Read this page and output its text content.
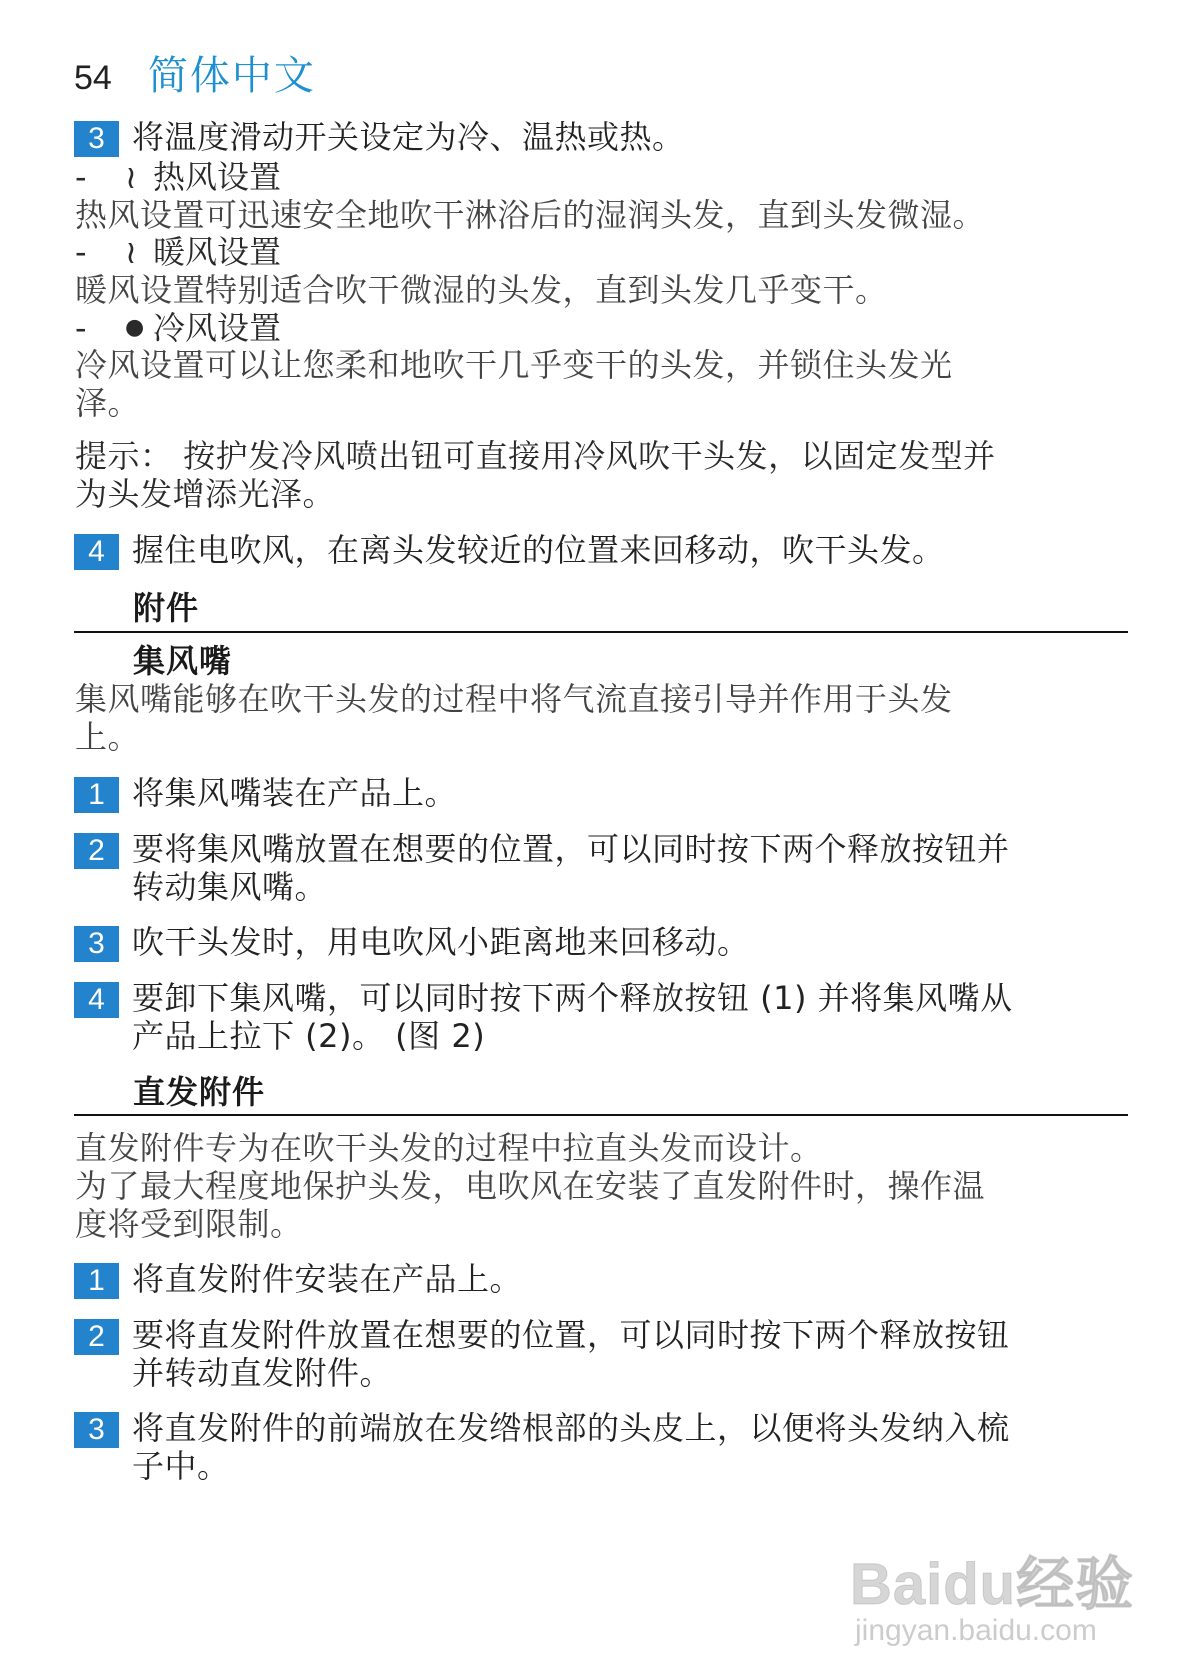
54 简体中文
3 将温度滑动开关设定为冷、温热或热。
- ≀ 热风设置
热风设置可迅速安全地吹干淋浴后的湿润头发，直到头发微湿。
- ≀ 暖风设置
暖风设置特别适合吹干微湿的头发，直到头发几乎变干。
- ● 冷风设置
冷风设置可以让您柔和地吹干几乎变干的头发，并锁住头发光
泽。
提示： 按护发冷风喷出钮可直接用冷风吹干头发，以固定发型并
为头发增添光泽。
4 握住电吹风，在离头发较近的位置来回移动，吹干头发。
附件
集风嘴
集风嘴能够在吹干头发的过程中将气流直接引导并作用于头发
上。
1 将集风嘴装在产品上。
2 要将集风嘴放置在想要的位置，可以同时按下两个释放按钮并
转动集风嘴。
3 吹干头发时，用电吹风小距离地来回移动。
4 要卸下集风嘴，可以同时按下两个释放按钮 (1) 并将集风嘴从
产品上拉下 (2)。 (图 2)
直发附件
直发附件专为在吹干头发的过程中拉直头发而设计。
为了最大程度地保护头发，电吹风在安装了直发附件时，操作温
度将受到限制。
1 将直发附件安装在产品上。
2 要将直发附件放置在想要的位置，可以同时按下两个释放按钮
并转动直发附件。
3 将直发附件的前端放在发绺根部的头皮上，以便将头发纳入梳
子中。
Baidu经验
jingyan.baidu.com
